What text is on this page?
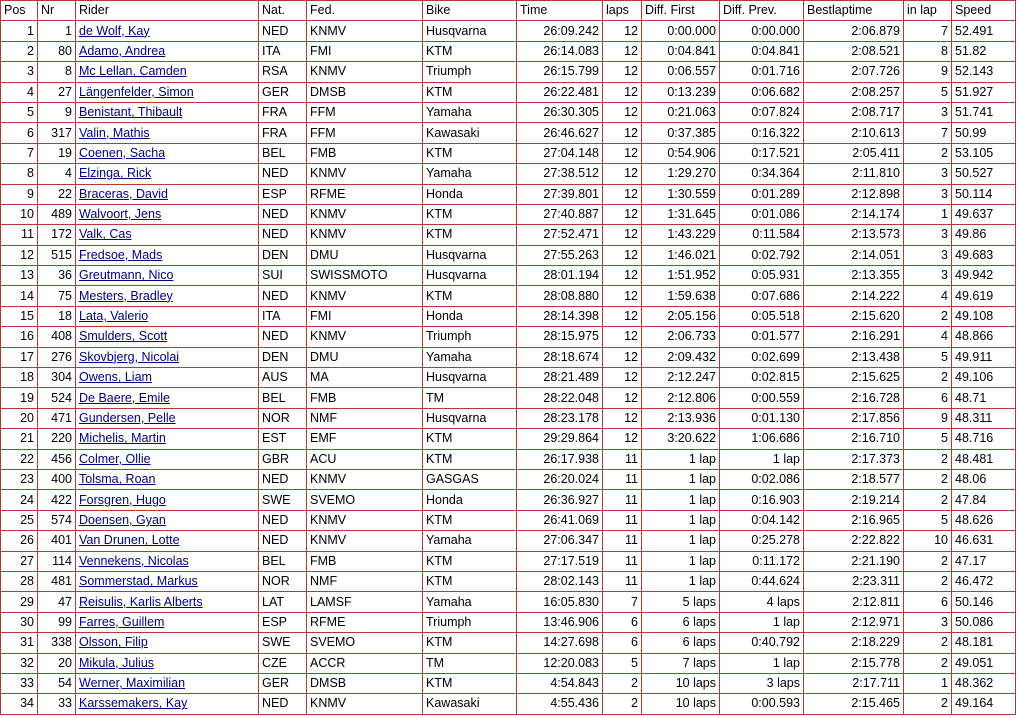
Pos	Nr	Rider	Nat.	Fed.	Bike	Time	laps	Diff. First	Diff. Prev.	Bestlaptime	in lap	Speed
1	1	de Wolf, Kay	NED	KNMV	Husqvarna	26:09.242	12	0:00.000	0:00.000	2:06.879	7	52.491
2	80	Adamo, Andrea	ITA	FMI	KTM	26:14.083	12	0:04.841	0:04.841	2:08.521	8	51.82
3	8	Mc Lellan, Camden	RSA	KNMV	Triumph	26:15.799	12	0:06.557	0:01.716	2:07.726	9	52.143
4	27	Längenfelder, Simon	GER	DMSB	KTM	26:22.481	12	0:13.239	0:06.682	2:08.257	5	51.927
5	9	Benistant, Thibault	FRA	FFM	Yamaha	26:30.305	12	0:21.063	0:07.824	2:08.717	3	51.741
6	317	Valin, Mathis	FRA	FFM	Kawasaki	26:46.627	12	0:37.385	0:16.322	2:10.613	7	50.99
7	19	Coenen, Sacha	BEL	FMB	KTM	27:04.148	12	0:54.906	0:17.521	2:05.411	2	53.105
8	4	Elzinga, Rick	NED	KNMV	Yamaha	27:38.512	12	1:29.270	0:34.364	2:11.810	3	50.527
9	22	Braceras, David	ESP	RFME	Honda	27:39.801	12	1:30.559	0:01.289	2:12.898	3	50.114
10	489	Walvoort, Jens	NED	KNMV	KTM	27:40.887	12	1:31.645	0:01.086	2:14.174	1	49.637
11	172	Valk, Cas	NED	KNMV	KTM	27:52.471	12	1:43.229	0:11.584	2:13.573	3	49.86
12	515	Fredsoe, Mads	DEN	DMU	Husqvarna	27:55.263	12	1:46.021	0:02.792	2:14.051	3	49.683
13	36	Greutmann, Nico	SUI	SWISSMOTO	Husqvarna	28:01.194	12	1:51.952	0:05.931	2:13.355	3	49.942
14	75	Mesters, Bradley	NED	KNMV	KTM	28:08.880	12	1:59.638	0:07.686	2:14.222	4	49.619
15	18	Lata, Valerio	ITA	FMI	Honda	28:14.398	12	2:05.156	0:05.518	2:15.620	2	49.108
16	408	Smulders, Scott	NED	KNMV	Triumph	28:15.975	12	2:06.733	0:01.577	2:16.291	4	48.866
17	276	Skovbjerg, Nicolai	DEN	DMU	Yamaha	28:18.674	12	2:09.432	0:02.699	2:13.438	5	49.911
18	304	Owens, Liam	AUS	MA	Husqvarna	28:21.489	12	2:12.247	0:02.815	2:15.625	2	49.106
19	524	De Baere, Emile	BEL	FMB	TM	28:22.048	12	2:12.806	0:00.559	2:16.728	6	48.71
20	471	Gundersen, Pelle	NOR	NMF	Husqvarna	28:23.178	12	2:13.936	0:01.130	2:17.856	9	48.311
21	220	Michelis, Martin	EST	EMF	KTM	29:29.864	12	3:20.622	1:06.686	2:16.710	5	48.716
22	456	Colmer, Ollie	GBR	ACU	KTM	26:17.938	11	1 lap	1 lap	2:17.373	2	48.481
23	400	Tolsma, Roan	NED	KNMV	GASGAS	26:20.024	11	1 lap	0:02.086	2:18.577	2	48.06
24	422	Forsgren, Hugo	SWE	SVEMO	Honda	26:36.927	11	1 lap	0:16.903	2:19.214	2	47.84
25	574	Doensen, Gyan	NED	KNMV	KTM	26:41.069	11	1 lap	0:04.142	2:16.965	5	48.626
26	401	Van Drunen, Lotte	NED	KNMV	Yamaha	27:06.347	11	1 lap	0:25.278	2:22.822	10	46.631
27	114	Vennekens, Nicolas	BEL	FMB	KTM	27:17.519	11	1 lap	0:11.172	2:21.190	2	47.17
28	481	Sommerstad, Markus	NOR	NMF	KTM	28:02.143	11	1 lap	0:44.624	2:23.311	2	46.472
29	47	Reisulis, Karlis Alberts	LAT	LAMSF	Yamaha	16:05.830	7	5 laps	4 laps	2:12.811	6	50.146
30	99	Farres, Guillem	ESP	RFME	Triumph	13:46.906	6	6 laps	1 lap	2:12.971	3	50.086
31	338	Olsson, Filip	SWE	SVEMO	KTM	14:27.698	6	6 laps	0:40.792	2:18.229	2	48.181
32	20	Mikula, Julius	CZE	ACCR	TM	12:20.083	5	7 laps	1 lap	2:15.778	2	49.051
33	54	Werner, Maximilian	GER	DMSB	KTM	4:54.843	2	10 laps	3 laps	2:17.711	1	48.362
34	33	Karssemakers, Kay	NED	KNMV	Kawasaki	4:55.436	2	10 laps	0:00.593	2:15.465	2	49.164
